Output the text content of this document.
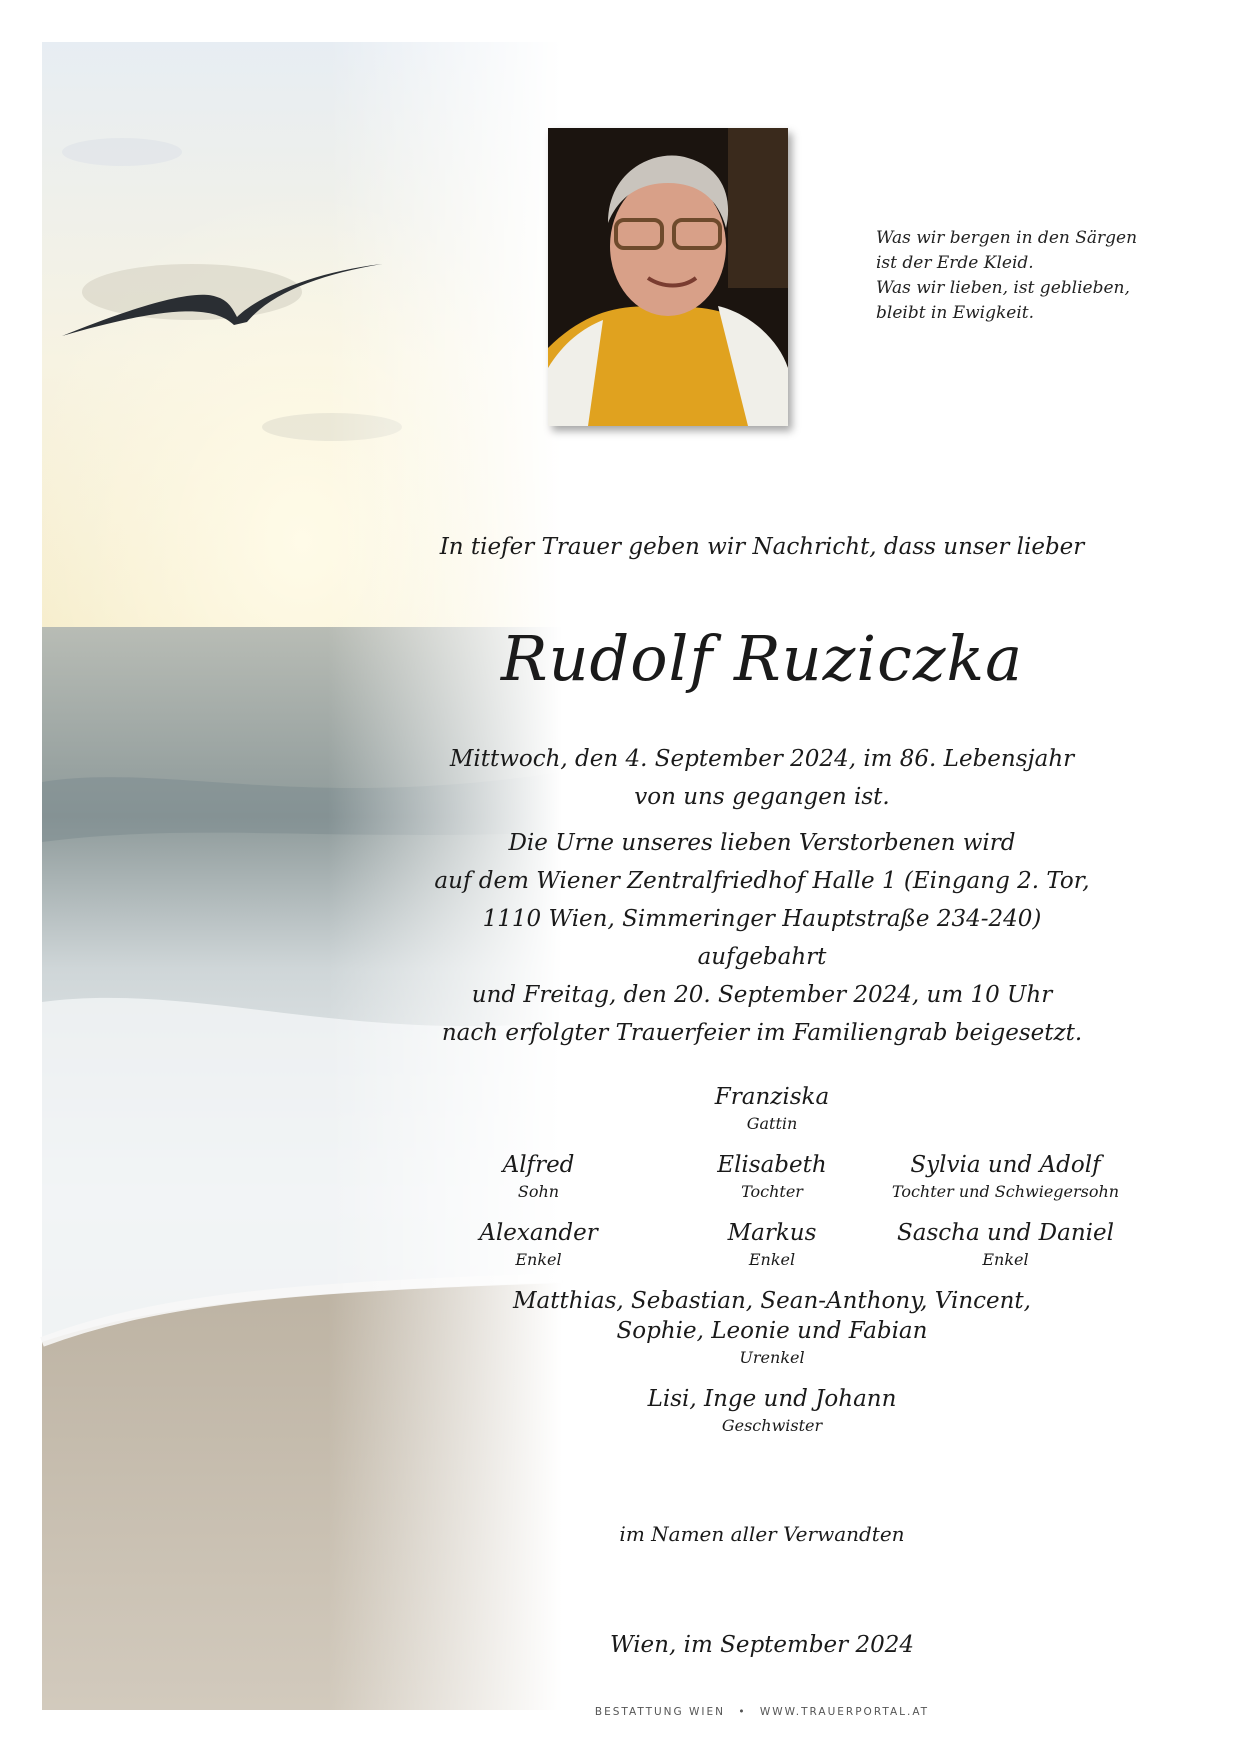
Was wir bergen in den Särgen
ist der Erde Kleid.
Was wir lieben, ist geblieben,
bleibt in Ewigkeit.
In tiefer Trauer geben wir Nachricht, dass unser lieber
Rudolf Ruziczka
Mittwoch, den 4. September 2024, im 86. Lebensjahr
von uns gegangen ist.
Die Urne unseres lieben Verstorbenen wird
auf dem Wiener Zentralfriedhof Halle 1 (Eingang 2. Tor,
1110 Wien, Simmeringer Hauptstraße 234-240) aufgebahrt
und Freitag, den 20. September 2024, um 10 Uhr
nach erfolgter Trauerfeier im Familiengrab beigesetzt.
Franziska
Gattin
Alfred
Sohn
Elisabeth
Tochter
Sylvia und Adolf
Tochter und Schwiegersohn
Alexander
Enkel
Markus
Enkel
Sascha und Daniel
Enkel
Matthias, Sebastian, Sean-Anthony, Vincent,
Sophie, Leonie und Fabian
Urenkel
Lisi, Inge und Johann
Geschwister
im Namen aller Verwandten
Wien, im September 2024
BESTATTUNG WIEN • WWW.TRAUERPORTAL.AT
